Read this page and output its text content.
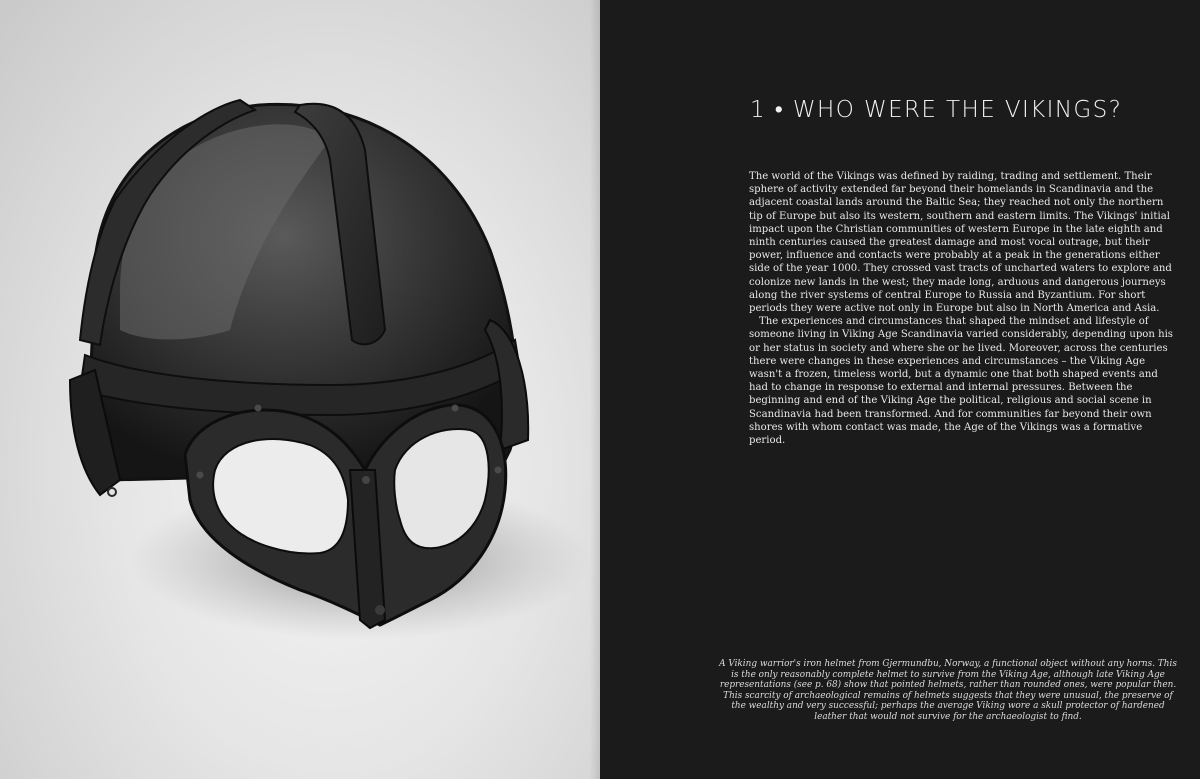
1 • WHO WERE THE VIKINGS?

The world of the Vikings was defined by raiding, trading and settlement. Their sphere of activity extended far beyond their homelands in Scandinavia and the adjacent coastal lands around the Baltic Sea; they reached not only the northern tip of Europe but also its western, southern and eastern limits. The Vikings' initial impact upon the Christian communities of western Europe in the late eighth and ninth centuries caused the greatest damage and most vocal outrage, but their power, influence and contacts were probably at a peak in the generations either side of the year 1000. They crossed vast tracts of uncharted waters to explore and colonize new lands in the west; they made long, arduous and dangerous journeys along the river systems of central Europe to Russia and Byzantium. For short periods they were active not only in Europe but also in North America and Asia.

The experiences and circumstances that shaped the mindset and lifestyle of someone living in Viking Age Scandinavia varied considerably, depending upon his or her status in society and where she or he lived. Moreover, across the centuries there were changes in these experiences and circumstances – the Viking Age wasn't a frozen, timeless world, but a dynamic one that both shaped events and had to change in response to external and internal pressures. Between the beginning and end of the Viking Age the political, religious and social scene in Scandinavia had been transformed. And for communities far beyond their own shores with whom contact was made, the Age of the Vikings was a formative period.

A Viking warrior's iron helmet from Gjermundbu, Norway, a functional object without any horns. This is the only reasonably complete helmet to survive from the Viking Age, although late Viking Age representations (see p. 68) show that pointed helmets, rather than rounded ones, were popular then. This scarcity of archaeological remains of helmets suggests that they were unusual, the preserve of the wealthy and very successful; perhaps the average Viking wore a skull protector of hardened leather that would not survive for the archaeologist to find.
